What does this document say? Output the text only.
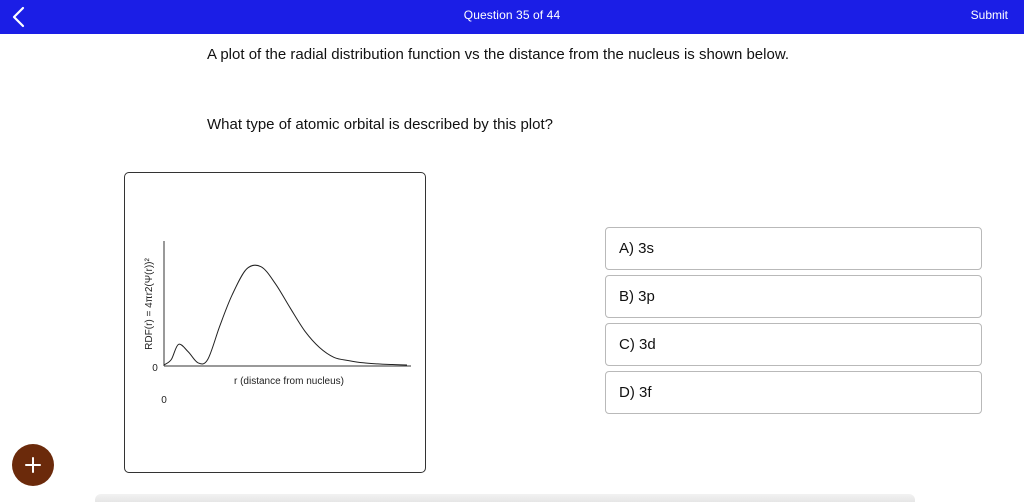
Question 35 of 44	Submit
A plot of the radial distribution function vs the distance from the nucleus is shown below.
What type of atomic orbital is described by this plot?
RDF(r) = 4πr2(Ψ(r))²
0
0
r (distance from nucleus)
A) 3s
B) 3p
C) 3d
D) 3f
